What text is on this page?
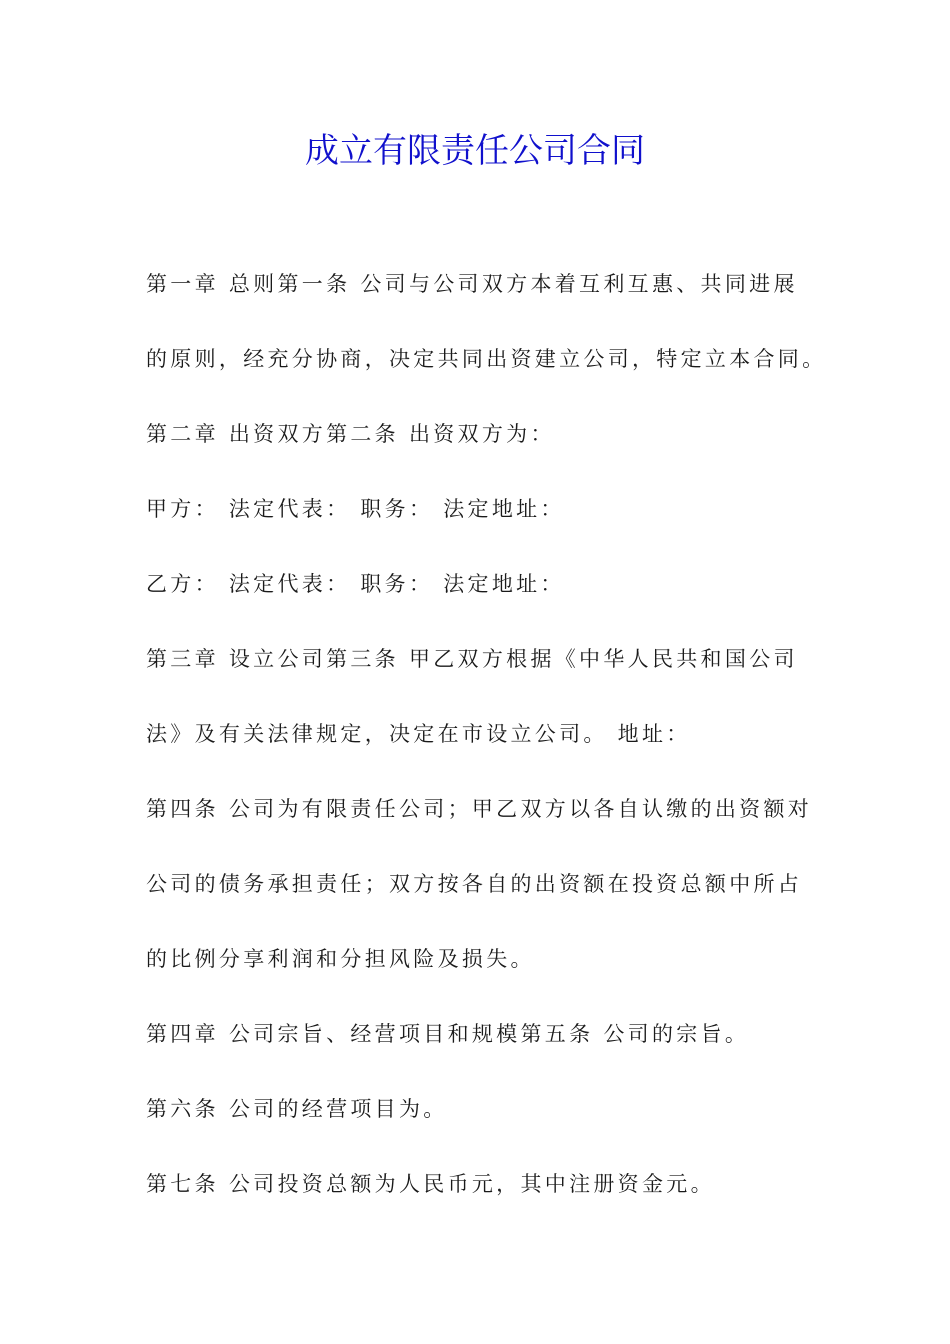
成立有限责任公司合同
第一章 总则第一条 公司与公司双方本着互利互惠、共同进展
的原则，经充分协商，决定共同出资建立公司，特定立本合同。
第二章 出资双方第二条 出资双方为：
甲方： 法定代表： 职务： 法定地址：
乙方： 法定代表： 职务： 法定地址：
第三章 设立公司第三条 甲乙双方根据《中华人民共和国公司
法》及有关法律规定，决定在市设立公司。 地址：
第四条 公司为有限责任公司；甲乙双方以各自认缴的出资额对
公司的债务承担责任；双方按各自的出资额在投资总额中所占
的比例分享利润和分担风险及损失。
第四章 公司宗旨、经营项目和规模第五条 公司的宗旨。
第六条 公司的经营项目为。
第七条 公司投资总额为人民币元，其中注册资金元。
